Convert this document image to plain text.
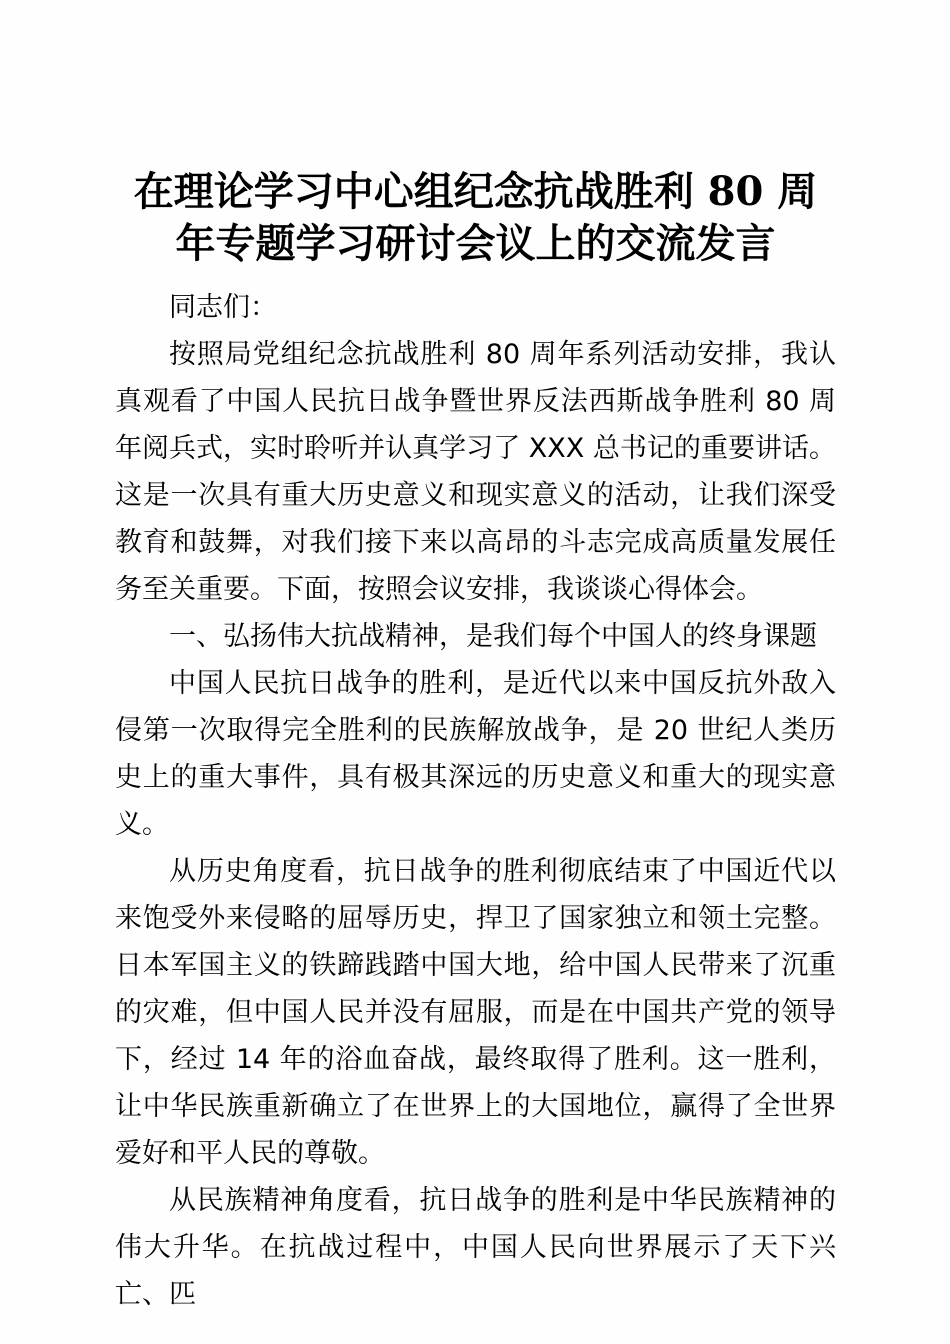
在理论学习中心组纪念抗战胜利 80 周年专题学习研讨会议上的交流发言

同志们：

按照局党组纪念抗战胜利 80 周年系列活动安排，我认真观看了中国人民抗日战争暨世界反法西斯战争胜利 80 周年阅兵式，实时聆听并认真学习了 XXX 总书记的重要讲话。这是一次具有重大历史意义和现实意义的活动，让我们深受教育和鼓舞，对我们接下来以高昂的斗志完成高质量发展任务至关重要。下面，按照会议安排，我谈谈心得体会。

一、弘扬伟大抗战精神，是我们每个中国人的终身课题

中国人民抗日战争的胜利，是近代以来中国反抗外敌入侵第一次取得完全胜利的民族解放战争，是 20 世纪人类历史上的重大事件，具有极其深远的历史意义和重大的现实意义。

从历史角度看，抗日战争的胜利彻底结束了中国近代以来饱受外来侵略的屈辱历史，捍卫了国家独立和领土完整。日本军国主义的铁蹄践踏中国大地，给中国人民带来了沉重的灾难，但中国人民并没有屈服，而是在中国共产党的领导下，经过 14 年的浴血奋战，最终取得了胜利。这一胜利，让中华民族重新确立了在世界上的大国地位，赢得了全世界爱好和平人民的尊敬。

从民族精神角度看，抗日战争的胜利是中华民族精神的伟大升华。在抗战过程中，中国人民向世界展示了天下兴亡、匹
